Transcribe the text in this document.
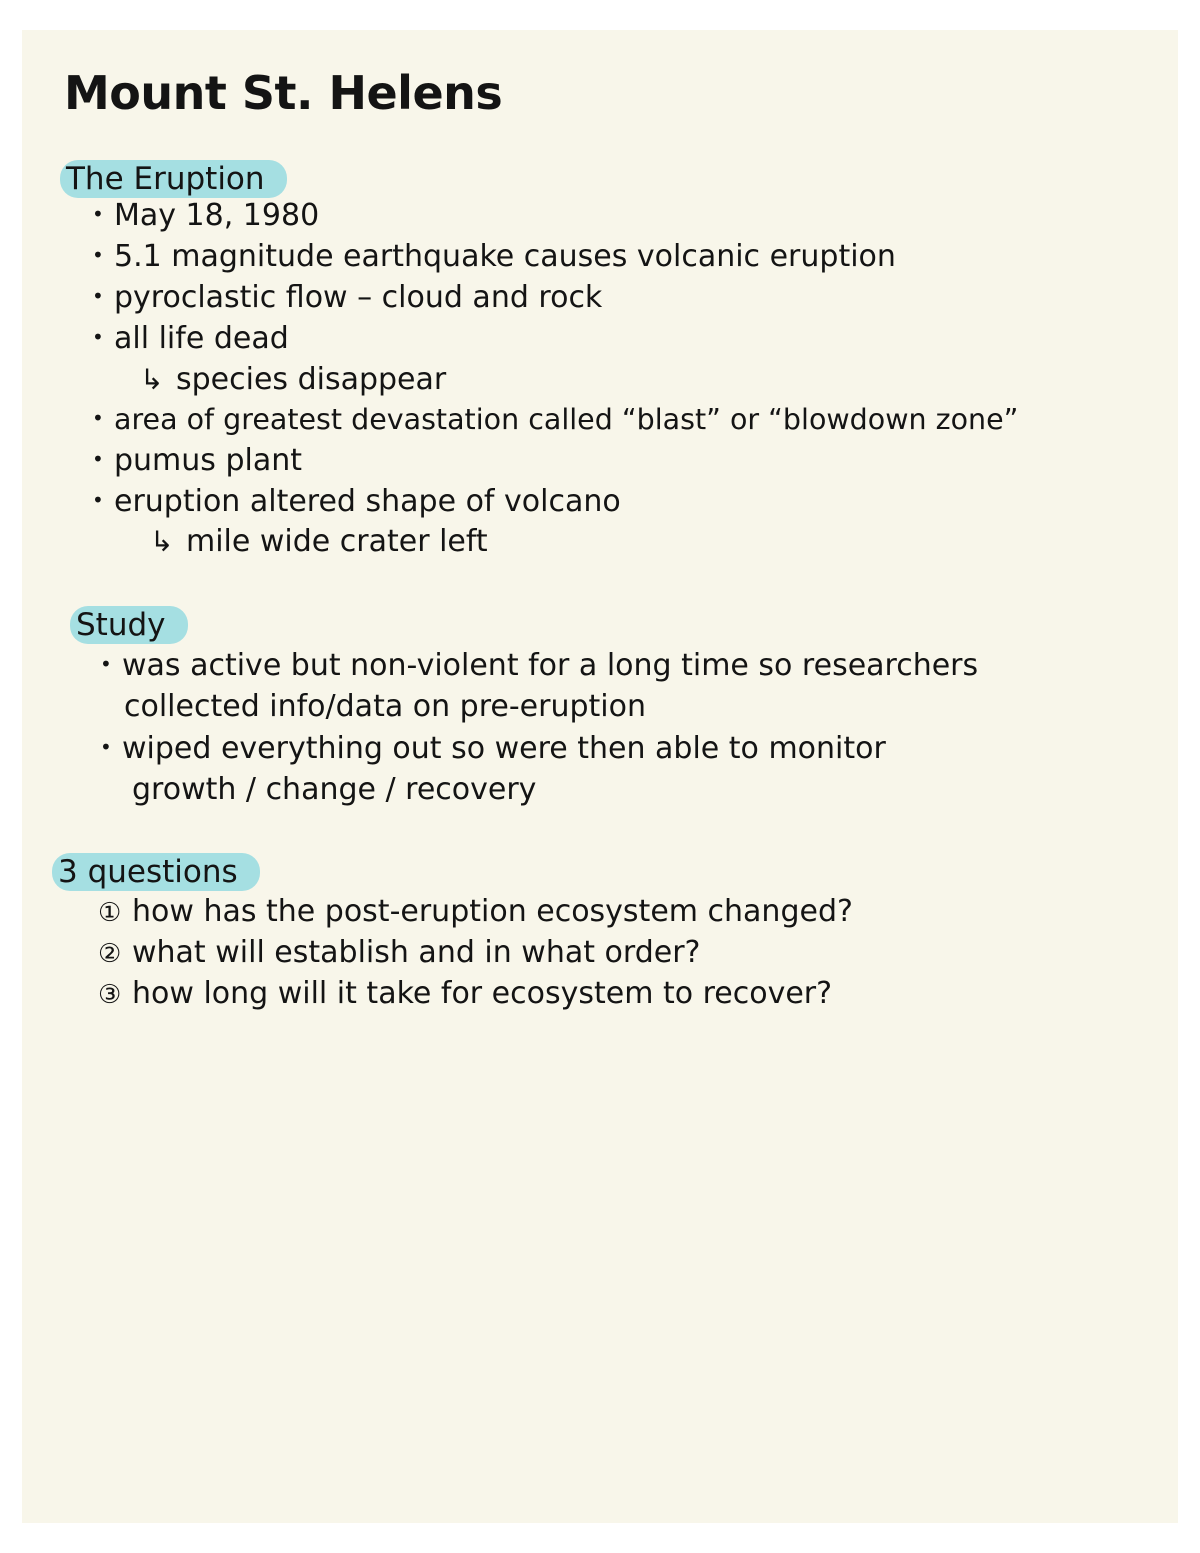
Mount St. Helens
The Eruption

• May 18, 1980

• 5.1 magnitude earthquake causes volcanic eruption

• pyroclastic flow – cloud and rock

• all life dead

↳ species disappear

• area of greatest devastation called “blast” or “blowdown zone”

• pumus plant

• eruption altered shape of volcano

↳ mile wide crater left

Study

• was active but non-violent for a long time so researchers

collected info/data on pre-eruption

• wiped everything out so were then able to monitor

growth / change / recovery

3 questions

① how has the post-eruption ecosystem changed?

② what will establish and in what order?

③ how long will it take for ecosystem to recover?
